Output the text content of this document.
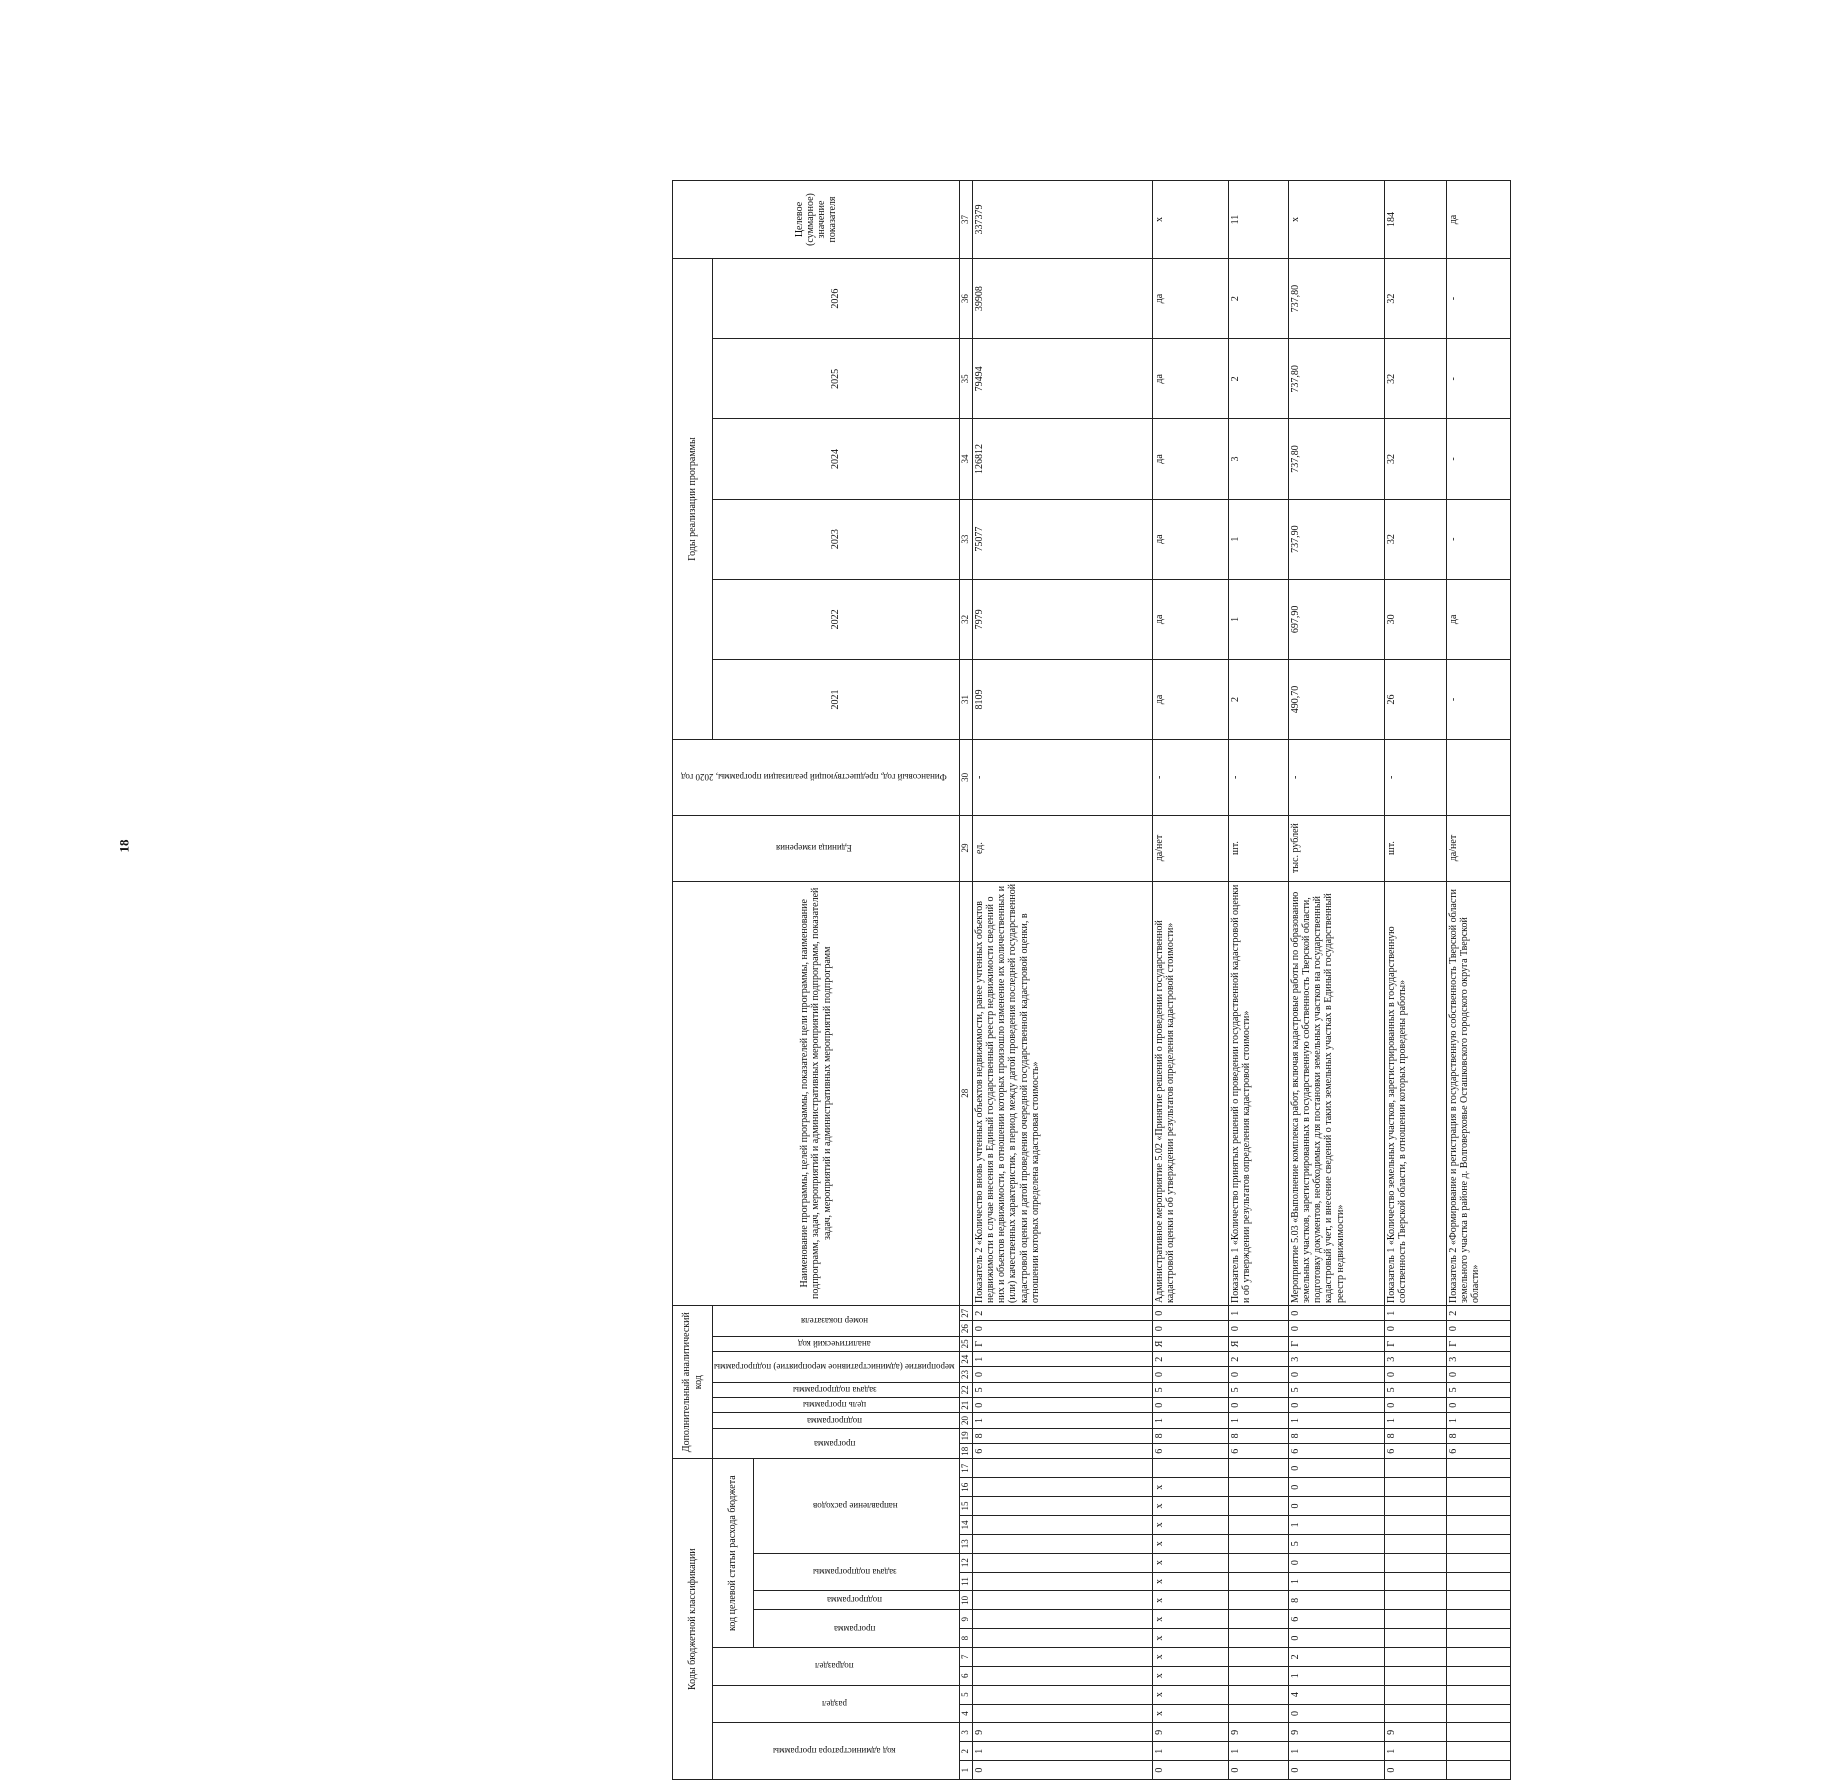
18
Коды бюджетной классификации																	Дополнительный аналитический код										Наименование программы, целей программы, показателей цели программы, наименование подпрограмм, задач, мероприятий и административных мероприятий подпрограмм, показателей задач, мероприятий и административных мероприятий подпрограмм	Единица измерения	Финансовый год, предшествующий реализации программы, 2020 год	Годы реализации программы						Целевое (суммарное) значение показателя
код администратора программы			раздел		подраздел		код целевой статьи расхода бюджета										программа		подпрограмма	цель программы	задача подпрограммы	мероприятие (административное мероприятие) подпрограммы		аналитический код	номер показателя					2021	2022	2023	2024	2025	2026	
							программа		подпрограмма	задача подпрограммы		направление расходов																								
1	2	3	4	5	6	7	8	9	10	11	12	13	14	15	16	17	18	19	20	21	22	23	24	25	26	27	28	29	30	31	32	33	34	35	36	37
0	1	9															6	8	1	0	5	0	1	Г	0	2	Показатель 2 «Количество вновь учтенных объектов недвижимости, ранее учтенных объектов недвижимости в случае внесения в Единый государственный реестр недвижимости сведений о них и объектов недвижимости, в отношении которых произошло изменение их количественных и (или) качественных характеристик, в период между датой проведения последней государственной кадастровой оценки и датой проведения очередной государственной кадастровой оценки, в отношении которых определена кадастровая стоимость»	ед.	-	8109	7979	75077	126812	79494	39908	337379
0	1	9	х	х	х	х	х	х	х	х	х	х	х	х	х		6	8	1	0	5	0	2	Я	0	0	Административное мероприятие 5.02 «Принятие решений о проведении государственной кадастровой оценки и об утверждении результатов определения кадастровой стоимости»	да/нет	-	да	да	да	да	да	да	х
0	1	9															6	8	1	0	5	0	2	Я	0	1	Показатель 1 «Количество принятых решений о проведении государственной кадастровой оценки и об утверждении результатов определения кадастровой стоимости»	шт.	-	2	1	1	3	2	2	11
0	1	9	0	4	1	2	0	6	8	1	0	5	1	0	0	0	6	8	1	0	5	0	3	Г	0	0	Мероприятие 5.03 «Выполнение комплекса работ, включая кадастровые работы по образованию земельных участков, зарегистрированных в государственную собственность Тверской области, подготовку документов, необходимых для постановки земельных участков на государственный кадастровый учет, и внесение сведений о таких земельных участках в Единый государственный реестр недвижимости»	тыс. рублей	-	490,70	697,90	737,90	737,80	737,80	737,80	х
0	1	9															6	8	1	0	5	0	3	Г	0	1	Показатель 1 «Количество земельных участков, зарегистрированных в государственную собственность Тверской области, в отношении которых проведены работы»	шт.	-	26	30	32	32	32	32	184
																	6	8	1	0	5	0	3	Г	0	2	Показатель 2 «Формирование и регистрация в государственную собственность Тверской области земельного участка в районе д. Волговерховье Осташковского городского округа Тверской области»	да/нет		-	да	-	-	-	-	да
